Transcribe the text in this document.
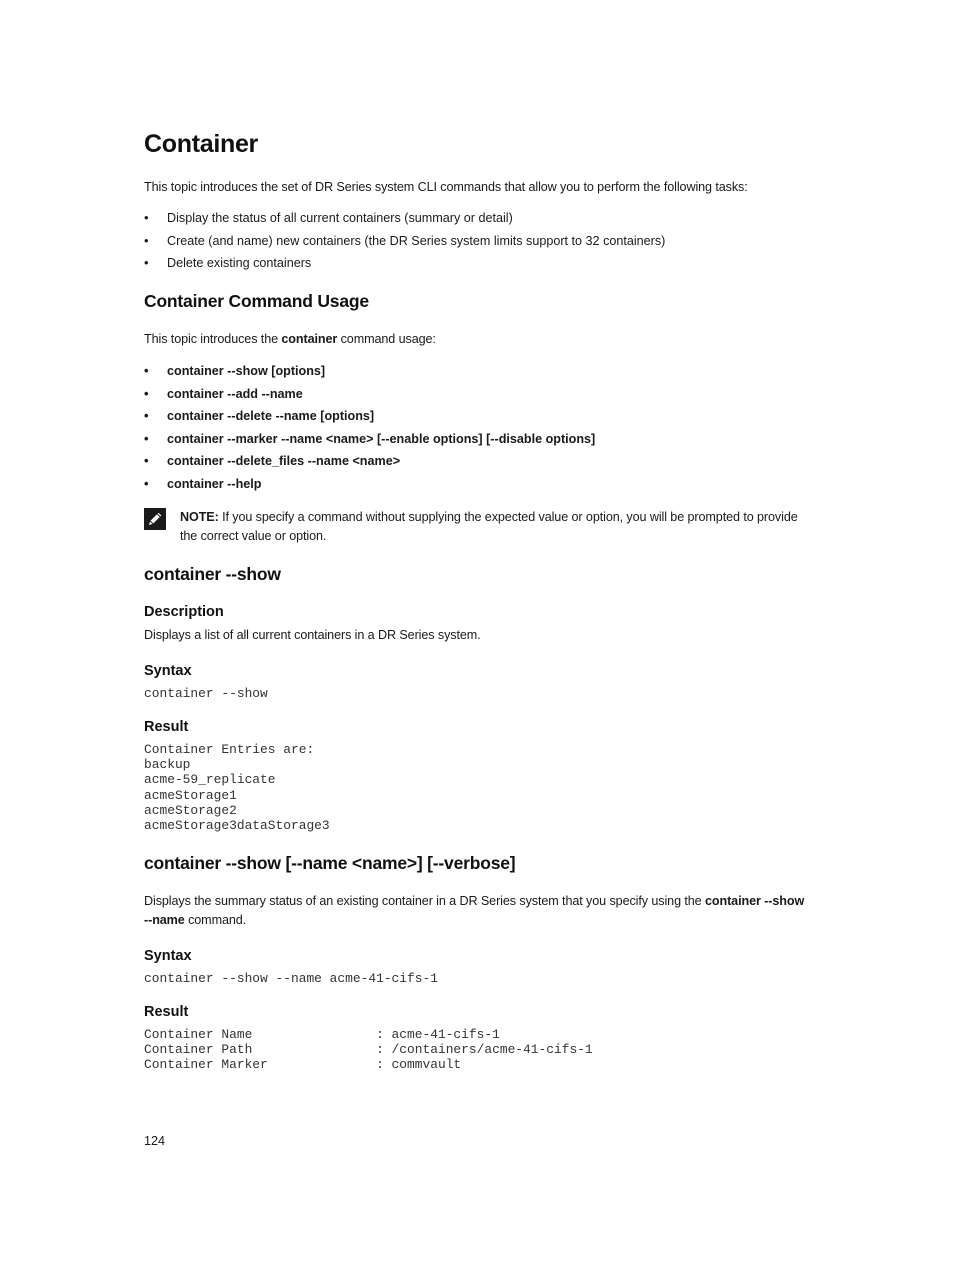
Container
This topic introduces the set of DR Series system CLI commands that allow you to perform the following tasks:
• Display the status of all current containers (summary or detail)
• Create (and name) new containers (the DR Series system limits support to 32 containers)
• Delete existing containers
Container Command Usage
This topic introduces the container command usage:
• container --show [options]
• container --add --name
• container --delete --name [options]
• container --marker --name <name> [--enable options] [--disable options]
• container --delete_files --name <name>
• container --help
NOTE: If you specify a command without supplying the expected value or option, you will be prompted to provide
the correct value or option.
container --show
Description
Displays a list of all current containers in a DR Series system.
Syntax
container --show
Result
Container Entries are:
backup
acme-59_replicate
acmeStorage1
acmeStorage2
acmeStorage3dataStorage3
container --show [--name <name>] [--verbose]
Displays the summary status of an existing container in a DR Series system that you specify using the container --show
--name command.
Syntax
container --show --name acme-41-cifs-1
Result
Container Name                : acme-41-cifs-1
Container Path                : /containers/acme-41-cifs-1
Container Marker              : commvault
124
